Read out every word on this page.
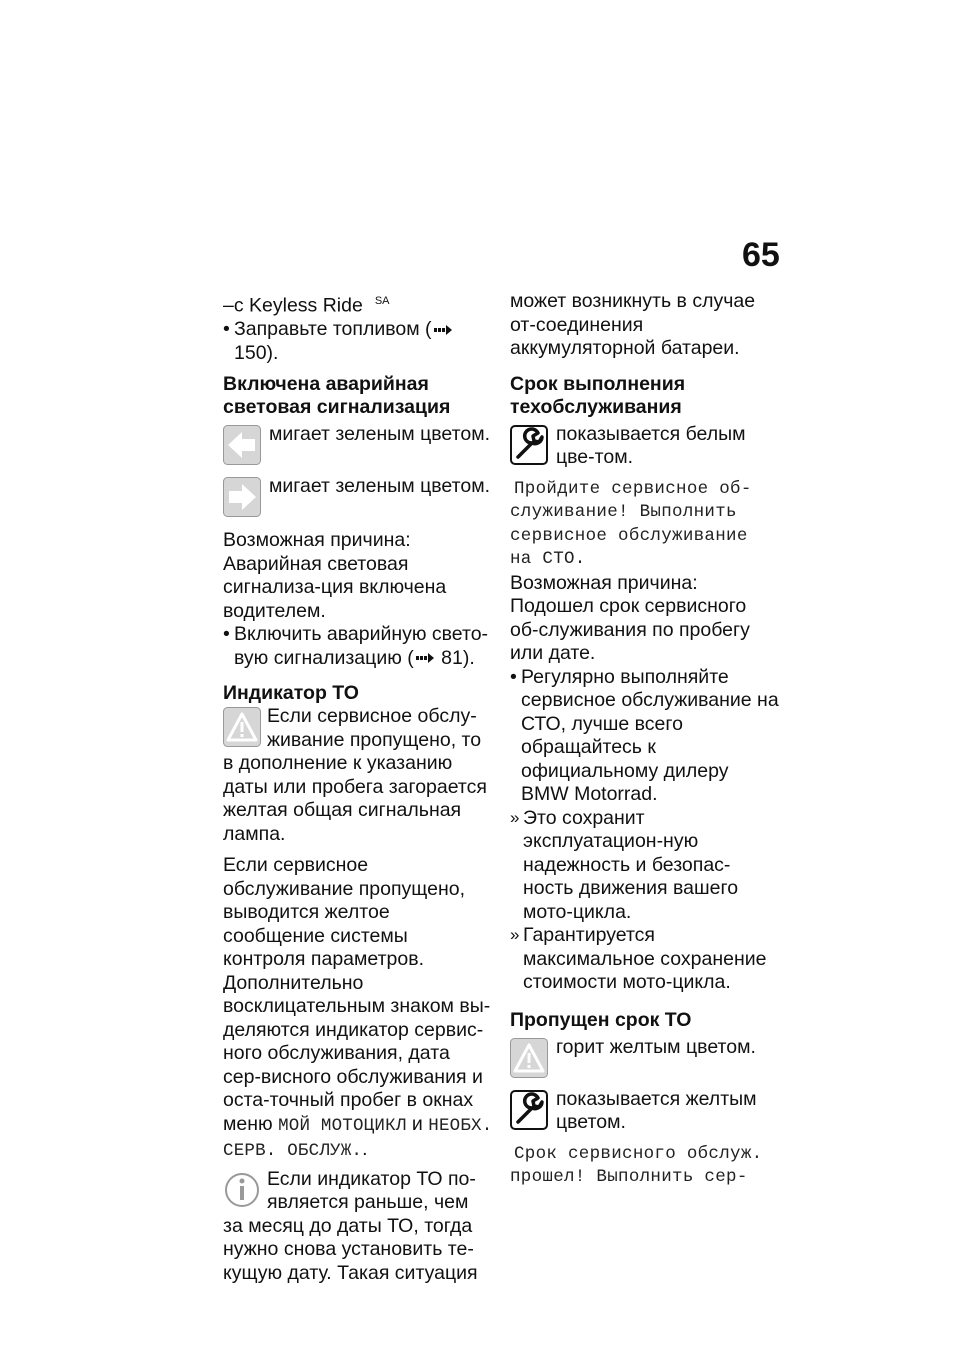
65

–с Keyless Ride $^{SA}$

• Заправьте топливом ( 150).

Включена аварийная
световая сигнализация
мигает зеленым цветом.
мигает зеленым цветом.

Возможная причина:

Аварийная световая сигнализа-ция включена водителем.

• Включить аварийную свето-вую сигнализацию ( 81).

Индикатор ТО

Если сервисное обслу-живание пропущено, то в дополнение к указанию даты или пробега загорается желтая общая сигнальная лампа.

Если сервисное обслуживание пропущено, выводится желтое сообщение системы контроля параметров. Дополнительно восклицательным знаком вы-деляются индикатор сервис-ного обслуживания, дата сер-висного обслуживания и оста-точный пробег в окнах меню МОЙ МОТОЦИКЛ и НЕОБХ. СЕРВ. ОБСЛУЖ..

Если индикатор ТО по-является раньше, чем за месяц до даты ТО, тогда нужно снова установить те-кущую дату. Такая ситуация

может возникнуть в случае от-соединения аккумуляторной батареи.

Срок выполнения
техобслуживания
показывается белым цве-том.

Пройдите сервисное об-служивание! Выполнить сервисное обслуживание на СТО.

Возможная причина:

Подошел срок сервисного об-служивания по пробегу или дате.

• Регулярно выполняйте сервисное обслуживание на СТО, лучше всего обращайтесь к официальному дилеру BMW Motorrad.

» Это сохранит эксплуатацион-ную надежность и безопас-ность движения вашего мото-цикла.

» Гарантируется максимальное сохранение стоимости мото-цикла.

Пропущен срок ТО
горит желтым цветом.
показывается желтым цветом.

Срок сервисного обслуж. прошел! Выполнить сер-
